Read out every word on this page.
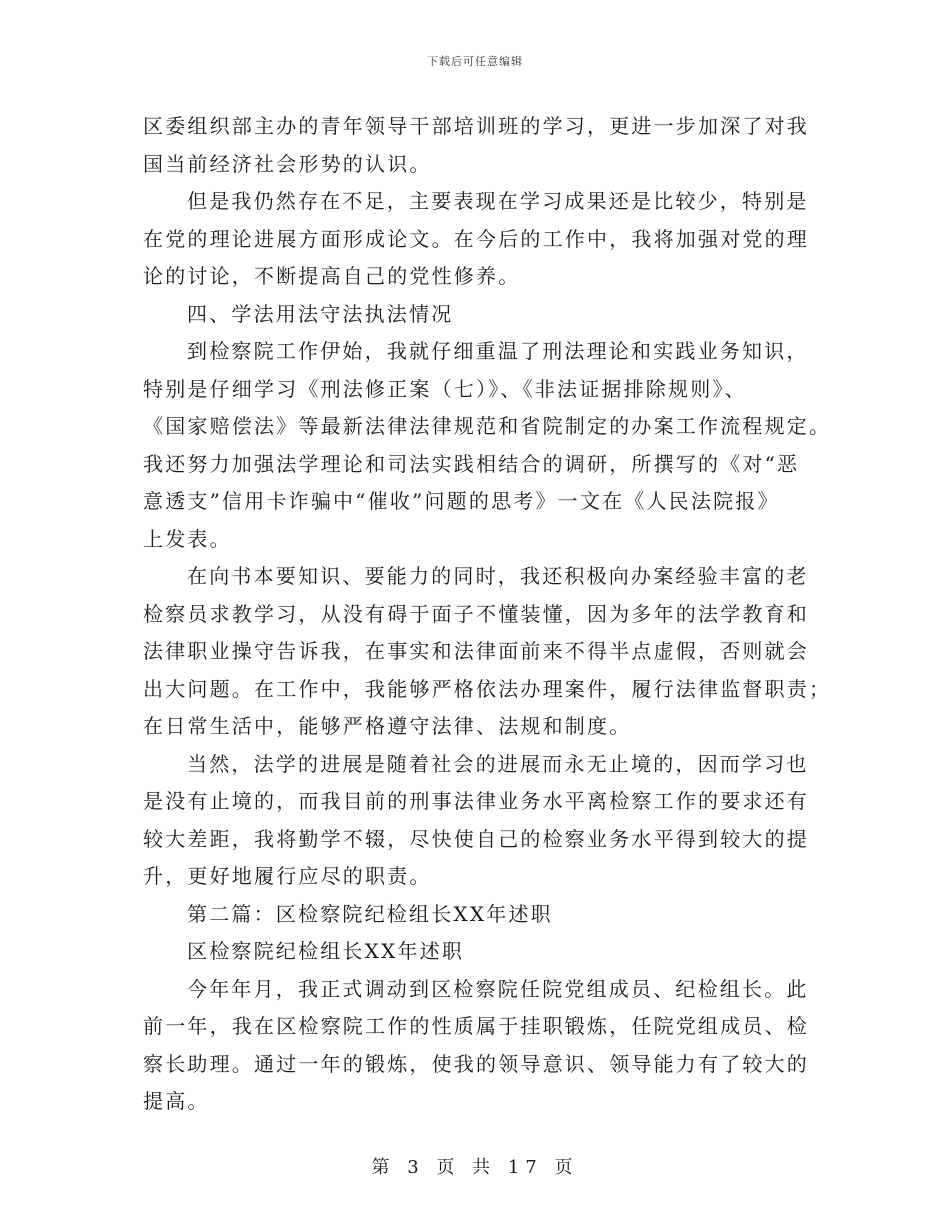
下载后可任意编辑

区委组织部主办的青年领导干部培训班的学习，更进一步加深了对我
国当前经济社会形势的认识。

但是我仍然存在不足，主要表现在学习成果还是比较少，特别是
在党的理论进展方面形成论文。在今后的工作中，我将加强对党的理
论的讨论，不断提高自己的党性修养。

四、学法用法守法执法情况

到检察院工作伊始，我就仔细重温了刑法理论和实践业务知识，
特别是仔细学习《刑法修正案（七）》、《非法证据排除规则》、
《国家赔偿法》等最新法律法律规范和省院制定的办案工作流程规定。
我还努力加强法学理论和司法实践相结合的调研，所撰写的《对“恶
意透支”信用卡诈骗中“催收”问题的思考》一文在《人民法院报》
上发表。

在向书本要知识、要能力的同时，我还积极向办案经验丰富的老
检察员求教学习，从没有碍于面子不懂装懂，因为多年的法学教育和
法律职业操守告诉我，在事实和法律面前来不得半点虚假，否则就会
出大问题。在工作中，我能够严格依法办理案件，履行法律监督职责；
在日常生活中，能够严格遵守法律、法规和制度。

当然，法学的进展是随着社会的进展而永无止境的，因而学习也
是没有止境的，而我目前的刑事法律业务水平离检察工作的要求还有
较大差距，我将勤学不辍，尽快使自己的检察业务水平得到较大的提
升，更好地履行应尽的职责。

第二篇：区检察院纪检组长XX年述职

区检察院纪检组长XX年述职

今年年月，我正式调动到区检察院任院党组成员、纪检组长。此
前一年，我在区检察院工作的性质属于挂职锻炼，任院党组成员、检
察长助理。通过一年的锻炼，使我的领导意识、领导能力有了较大的
提高。

第 3 页 共 17 页
